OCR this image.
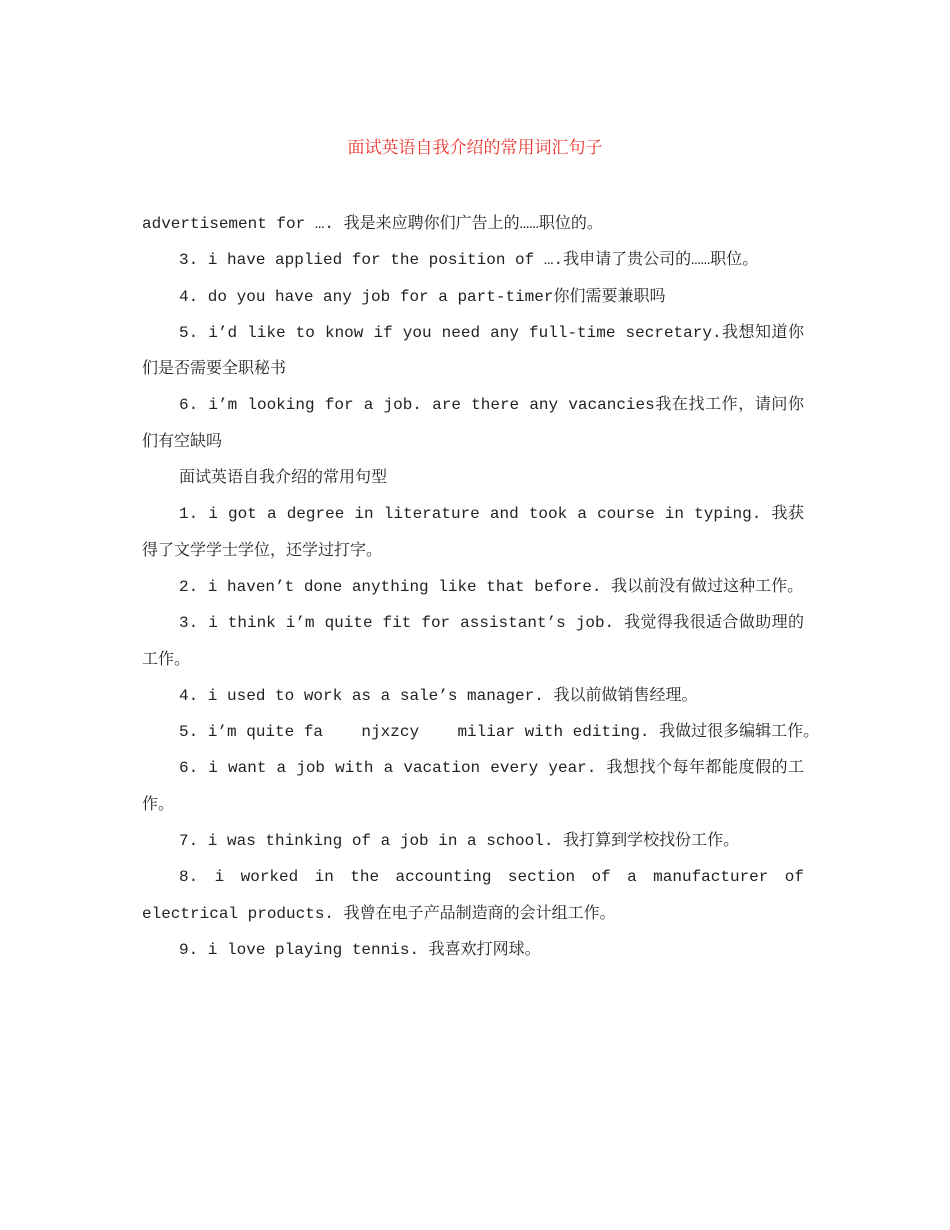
面试英语自我介绍的常用词汇句子

advertisement for …. 我是来应聘你们广告上的……职位的。

3. i have applied for the position of ….我申请了贵公司的……职位。

4. do you have any job for a part-timer你们需要兼职吗

5. i’d like to know if you need any full-time secretary.我想知道你们是否需要全职秘书

6. i’m looking for a job. are there any vacancies我在找工作，请问你们有空缺吗

面试英语自我介绍的常用句型

1. i got a degree in literature and took a course in typing. 我获得了文学学士学位，还学过打字。

2. i haven’t done anything like that before. 我以前没有做过这种工作。

3. i think i’m quite fit for assistant’s job. 我觉得我很适合做助理的工作。

4. i used to work as a sale’s manager. 我以前做销售经理。

5. i’m quite fa    njxzcy    miliar with editing. 我做过很多编辑工作。

6. i want a job with a vacation every year. 我想找个每年都能度假的工作。

7. i was thinking of a job in a school. 我打算到学校找份工作。

8. i worked in the accounting section of a manufacturer of electrical products. 我曾在电子产品制造商的会计组工作。

9. i love playing tennis. 我喜欢打网球。
